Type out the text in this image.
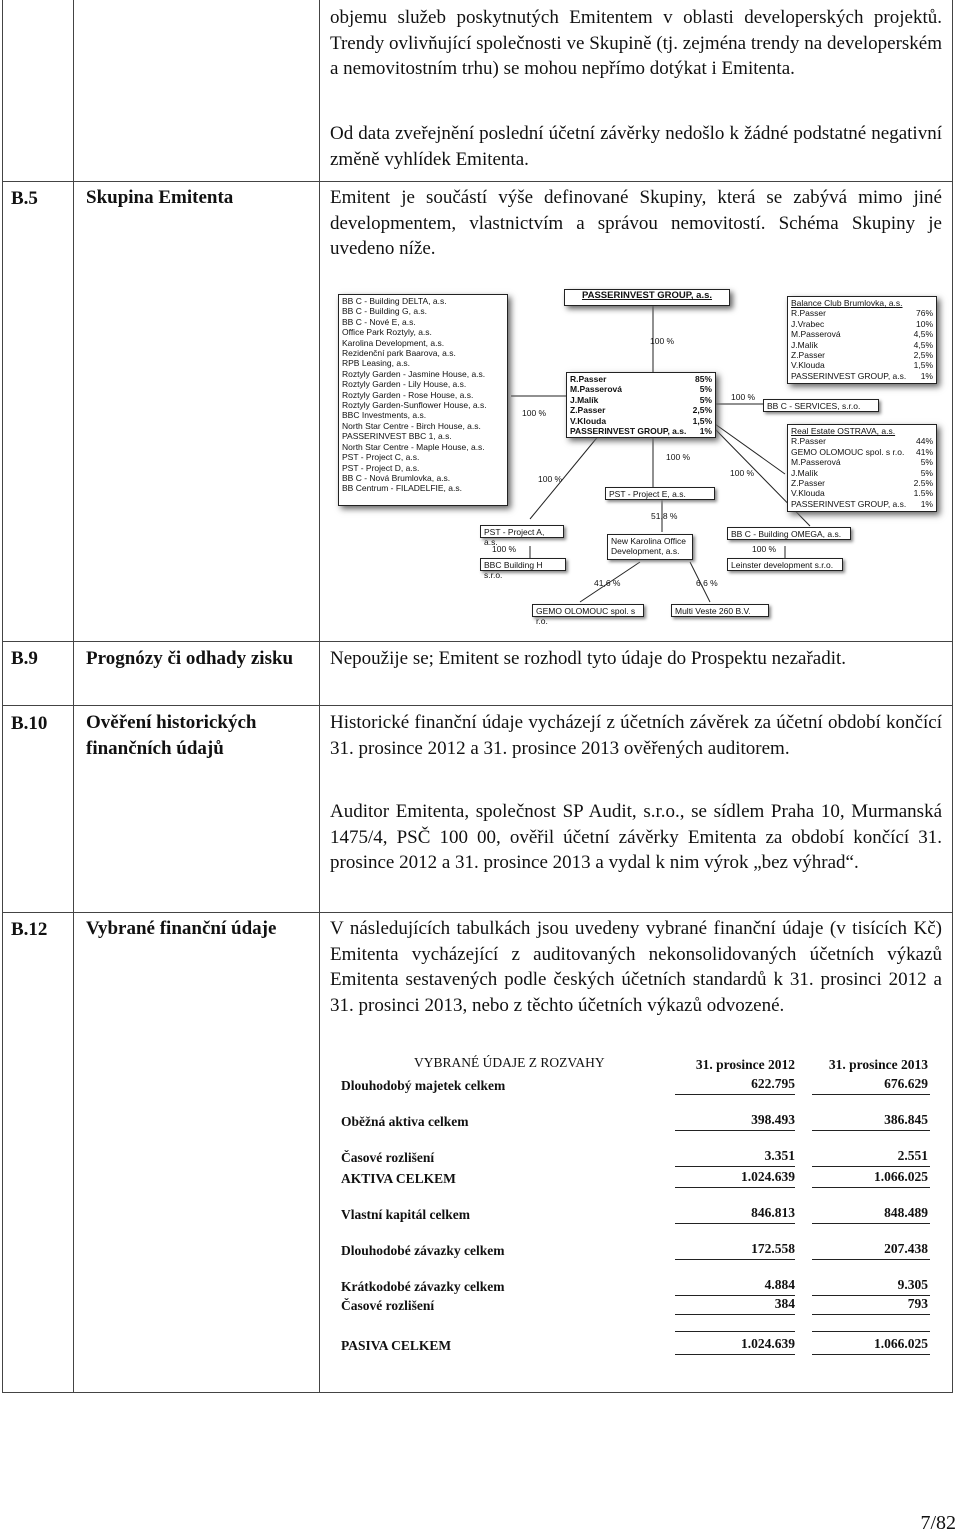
objemu služeb poskytnutých Emitentem v oblasti developerských projektů. Trendy ovlivňující společnosti ve Skupině (tj. zejména trendy na developerském a nemovitostním trhu) se mohou nepřímo dotýkat i Emitenta.
Od data zveřejnění poslední účetní závěrky nedošlo k žádné podstatné negativní změně vyhlídek Emitenta.
B.5	Skupina Emitenta	Emitent je součástí výše definované Skupiny, která se zabývá mimo jiné developmentem, vlastnictvím a správou nemovitostí. Schéma Skupiny je uvedeno níže.
PASSERINVEST GROUP, a.s.
BB C - Building DELTA, a.s.
BB C - Building G, a.s.
BB C - Nové E, a.s.
Office Park Roztyly, a.s.
Karolina Development, a.s.
Rezidenční park Baarova, a.s.
RPB Leasing, a.s.
Roztyly Garden - Jasmine House, a.s.
Roztyly Garden - Lily House, a.s.
Roztyly Garden - Rose House, a.s.
Roztyly Garden-Sunflower House, a.s.
BBC Investments, a.s.
North Star Centre - Birch House, a.s.
PASSERINVEST BBC 1, a.s.
North Star Centre - Maple House, a.s.
PST - Project C, a.s.
PST - Project D, a.s.
BB C - Nová Brumlovka, a.s.
BB Centrum - FILADELFIE, a.s.
Balance Club Brumlovka, a.s.
R.Passer	76%
J.Vrabec	10%
M.Passerová	4,5%
J.Malík	4,5%
Z.Passer	2,5%
V.Klouda	1,5%
PASSERINVEST GROUP, a.s. 1%
R.Passer	85%
M.Passerová	5%
J.Malík	5%
Z.Passer	2,5%
V.Klouda	1,5%
PASSERINVEST GROUP, a.s. 1%
BB C - SERVICES, s.r.o.
Real Estate OSTRAVA, a.s.
R.Passer	44%
GEMO OLOMOUC spol. s r.o. 41%
M.Passerová	5%
J.Malík	5%
Z.Passer	2.5%
V.Klouda	1.5%
PASSERINVEST GROUP, a.s. 1%
PST - Project E, a.s.
PST - Project A, a.s.
BBC Building H s.r.o.
New Karolina Office Development, a.s.
BB C - Building OMEGA, a.s.
Leinster development s.r.o.
GEMO OLOMOUC spol. s r.o.
Multi Veste 260 B.V.
100 %
100 %
100 %
100 %
100 %
100 %
51,8 %
100 %	100 %
41,6 %	6,6 %
B.9	Prognózy či odhady zisku	Nepoužije se; Emitent se rozhodl tyto údaje do Prospektu nezařadit.
B.10 Ověření historických finančních údajů
Historické finanční údaje vycházejí z účetních závěrek za účetní období končící 31. prosince 2012 a 31. prosince 2013 ověřených auditorem.
Auditor Emitenta, společnost SP Audit, s.r.o., se sídlem Praha 10, Murmanská 1475/4, PSČ 100 00, ověřil účetní závěrky Emitenta za období končící 31. prosince 2012 a 31. prosince 2013 a vydal k nim výrok „bez výhrad“.
B.12 Vybrané finanční údaje	V následujících tabulkách jsou uvedeny vybrané finanční údaje (v tisících Kč) Emitenta vycházející z auditovaných nekonsolidovaných účetních výkazů Emitenta sestavených podle českých účetních standardů k 31. prosinci 2012 a 31. prosinci 2013, nebo z těchto účetních výkazů odvozené.
VYBRANÉ ÚDAJE Z ROZVAHY	31. prosince 2012	31. prosince 2013
Dlouhodobý majetek celkem	622.795	676.629
Oběžná aktiva celkem	398.493	386.845
Časové rozlišení	3.351	2.551
AKTIVA CELKEM	1.024.639	1.066.025
Vlastní kapitál celkem	846.813	848.489
Dlouhodobé závazky celkem	172.558	207.438
Krátkodobé závazky celkem	4.884	9.305
Časové rozlišení	384	793
PASIVA CELKEM	1.024.639	1.066.025
7/82
